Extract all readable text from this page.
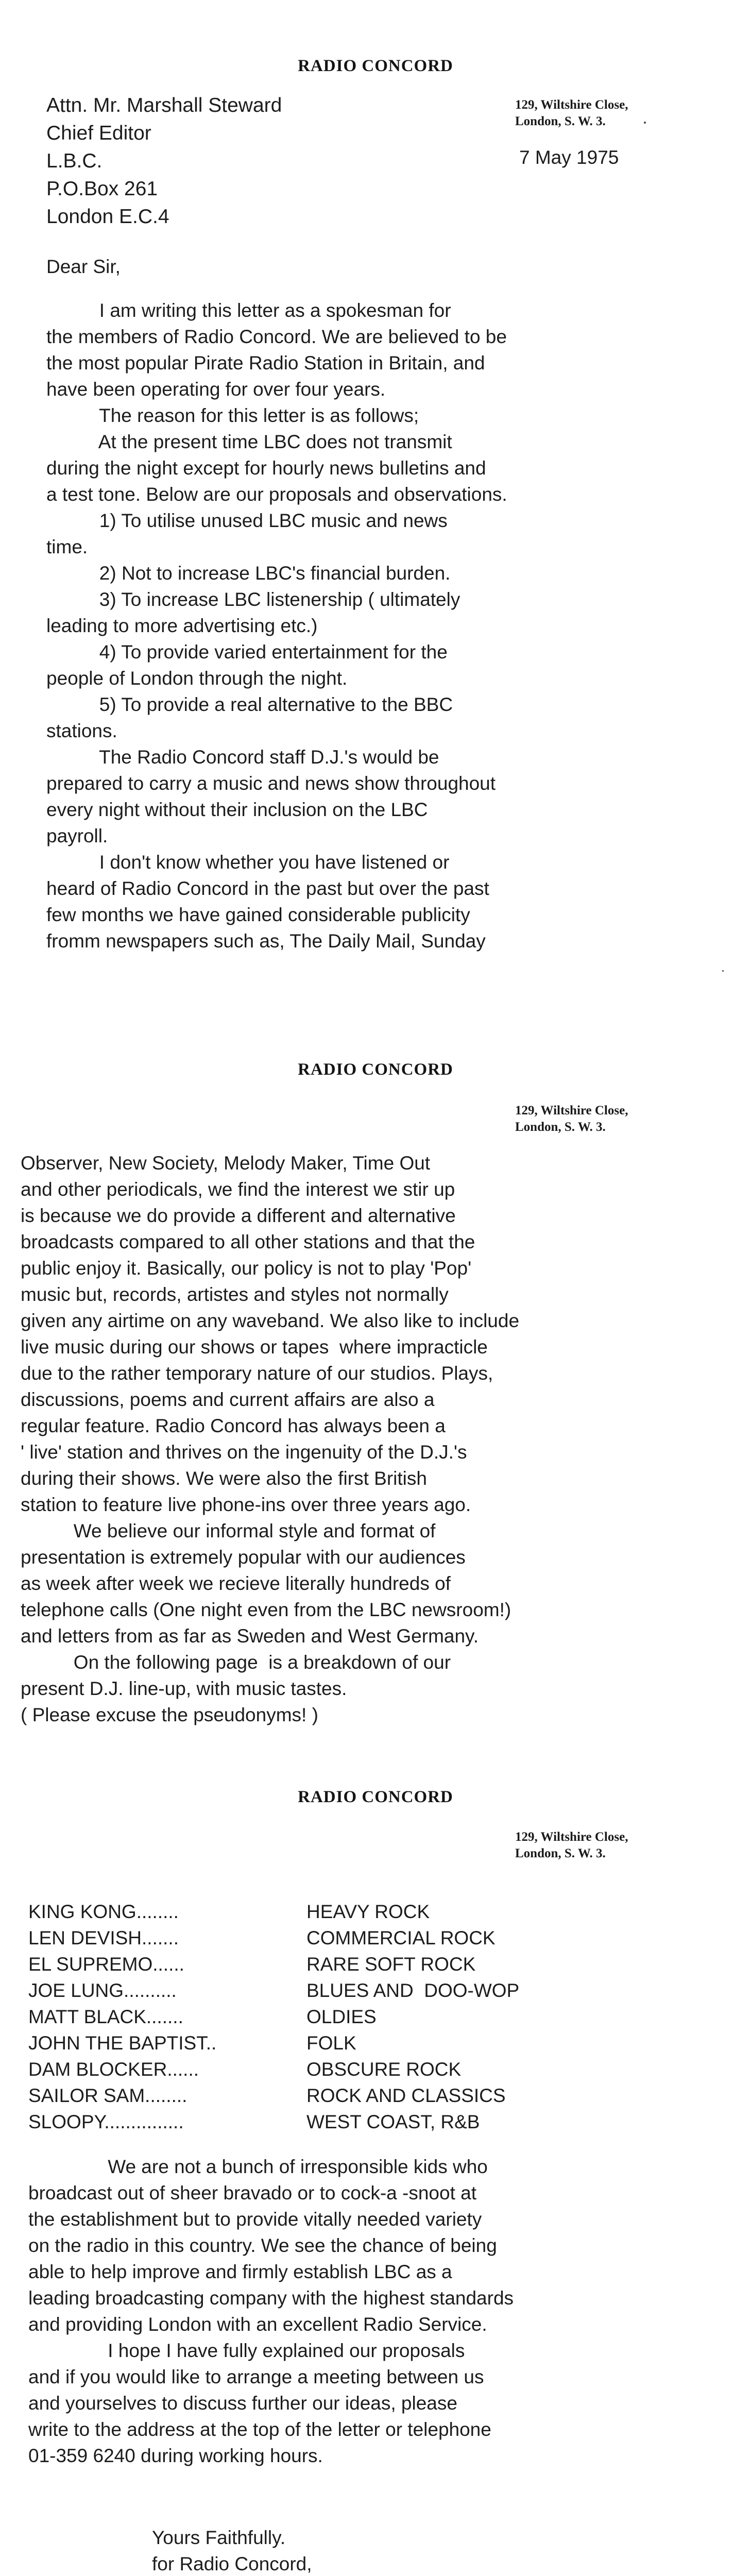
RADIO CONCORD
129, Wiltshire Close,
London, S. W. 3.
Attn. Mr. Marshall Steward
Chief Editor
L.B.C.
P.O.Box 261
London E.C.4
7 May 1975
Dear Sir,
I am writing this letter as a spokesman for
the members of Radio Concord. We are believed to be
the most popular Pirate Radio Station in Britain, and
have been operating for over four years.
The reason for this letter is as follows;
At the present time LBC does not transmit
during the night except for hourly news bulletins and
a test tone. Below are our proposals and observations.
1) To utilise unused LBC music and news
time.
2) Not to increase LBC's financial burden.
3) To increase LBC listenership ( ultimately
leading to more advertising etc.)
4) To provide varied entertainment for the
people of London through the night.
5) To provide a real alternative to the BBC
stations.
The Radio Concord staff D.J.'s would be
prepared to carry a music and news show throughout
every night without their inclusion on the LBC
payroll.
I don't know whether you have listened or
heard of Radio Concord in the past but over the past
few months we have gained considerable publicity
fromm newspapers such as, The Daily Mail, Sunday
RADIO CONCORD
129, Wiltshire Close,
London, S. W. 3.
Observer, New Society, Melody Maker, Time Out
and other periodicals, we find the interest we stir up
is because we do provide a different and alternative
broadcasts compared to all other stations and that the
public enjoy it. Basically, our policy is not to play 'Pop'
music but, records, artistes and styles not normally
given any airtime on any waveband. We also like to include
live music during our shows or tapes  where impracticle
due to the rather temporary nature of our studios. Plays,
discussions, poems and current affairs are also a
regular feature. Radio Concord has always been a
' live' station and thrives on the ingenuity of the D.J.'s
during their shows. We were also the first British
station to feature live phone-ins over three years ago.
We believe our informal style and format of
presentation is extremely popular with our audiences
as week after week we recieve literally hundreds of
telephone calls (One night even from the LBC newsroom!)
and letters from as far as Sweden and West Germany.
On the following page  is a breakdown of our
present D.J. line-up, with music tastes.
( Please excuse the pseudonyms! )
RADIO CONCORD
129, Wiltshire Close,
London, S. W. 3.
KING KONG........	HEAVY ROCK
LEN DEVISH.......	COMMERCIAL ROCK
EL SUPREMO......	RARE SOFT ROCK
JOE LUNG..........	BLUES AND  DOO-WOP
MATT BLACK.......	OLDIES
JOHN THE BAPTIST..	FOLK
DAM BLOCKER......	OBSCURE ROCK
SAILOR SAM........	ROCK AND CLASSICS
SLOOPY...............	WEST COAST, R&B
We are not a bunch of irresponsible kids who
broadcast out of sheer bravado or to cock-a -snoot at
the establishment but to provide vitally needed variety
on the radio in this country. We see the chance of being
able to help improve and firmly establish LBC as a
leading broadcasting company with the highest standards
and providing London with an excellent Radio Service.
I hope I have fully explained our proposals
and if you would like to arrange a meeting between us
and yourselves to discuss further our ideas, please
write to the address at the top of the letter or telephone
01-359 6240 during working hours.
Yours Faithfully.
for Radio Concord,
